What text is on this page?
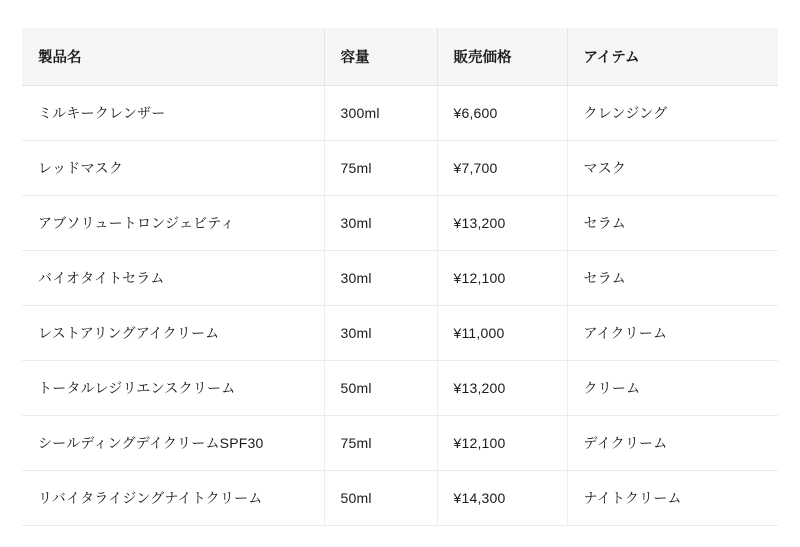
製品名	容量	販売価格	アイテム
ミルキークレンザー	300ml	¥6,600	クレンジング
レッドマスク	75ml	¥7,700	マスク
アブソリュートロンジェビティ	30ml	¥13,200	セラム
バイオタイトセラム	30ml	¥12,100	セラム
レストアリングアイクリーム	30ml	¥11,000	アイクリーム
トータルレジリエンスクリーム	50ml	¥13,200	クリーム
シールディングデイクリームSPF30	75ml	¥12,100	デイクリーム
リバイタライジングナイトクリーム	50ml	¥14,300	ナイトクリーム
